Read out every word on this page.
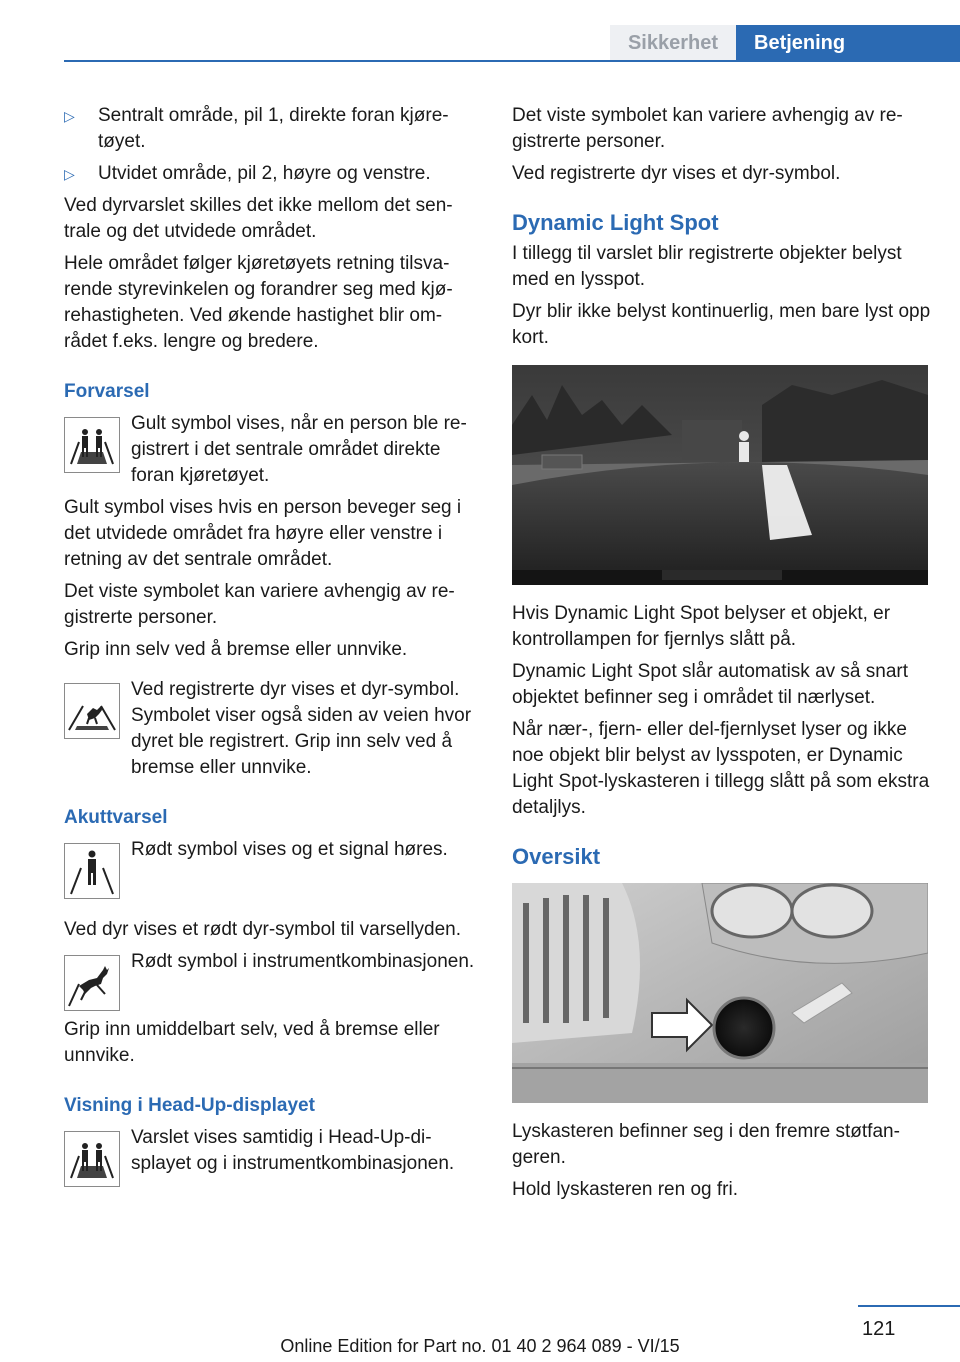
Sikkerhet	Betjening
▷ Sentralt område, pil 1, direkte foran kjøretøyet.
▷ Utvidet område, pil 2, høyre og venstre.

Ved dyrvarslet skilles det ikke mellom det sentrale og det utvidede området.

Hele området følger kjøretøyets retning tilsvarende styrevinkelen og forandrer seg med kjørehastigheten. Ved økende hastighet blir området f.eks. lengre og bredere.

Forvarsel
Gult symbol vises, når en person ble registrert i det sentrale området direkte foran kjøretøyet.

Gult symbol vises hvis en person beveger seg i det utvidede området fra høyre eller venstre i retning av det sentrale området.

Det viste symbolet kan variere avhengig av registrerte personer.

Grip inn selv ved å bremse eller unnvike.

Ved registrerte dyr vises et dyr-symbol. Symbolet viser også siden av veien hvor dyret ble registrert. Grip inn selv ved å bremse eller unnvike.
Akuttvarsel
Rødt symbol vises og et signal høres.

Ved dyr vises et rødt dyr-symbol til varsellyden.

Rødt symbol i instrumentkombinasjonen.

Grip inn umiddelbart selv, ved å bremse eller unnvike.

Visning i Head-Up-displayet
Varslet vises samtidig i Head-Up-displayet og i instrumentkombinasjonen.

Det viste symbolet kan variere avhengig av registrerte personer.

Ved registrerte dyr vises et dyr-symbol.

Dynamic Light Spot

I tillegg til varslet blir registrerte objekter belyst med en lysspot.

Dyr blir ikke belyst kontinuerlig, men bare lyst opp kort.

Hvis Dynamic Light Spot belyser et objekt, er kontrollampen for fjernlys slått på.

Dynamic Light Spot slår automatisk av så snart objektet befinner seg i området til nærlyset.

Når nær-, fjern- eller del-fjernlyset lyser og ikke noe objekt blir belyst av lysspoten, er Dynamic Light Spot-lyskasteren i tillegg slått på som ekstra detaljlys.

Oversikt

Lyskasteren befinner seg i den fremre støtfangeren.

Hold lyskasteren ren og fri.

121
Online Edition for Part no. 01 40 2 964 089 - VI/15
